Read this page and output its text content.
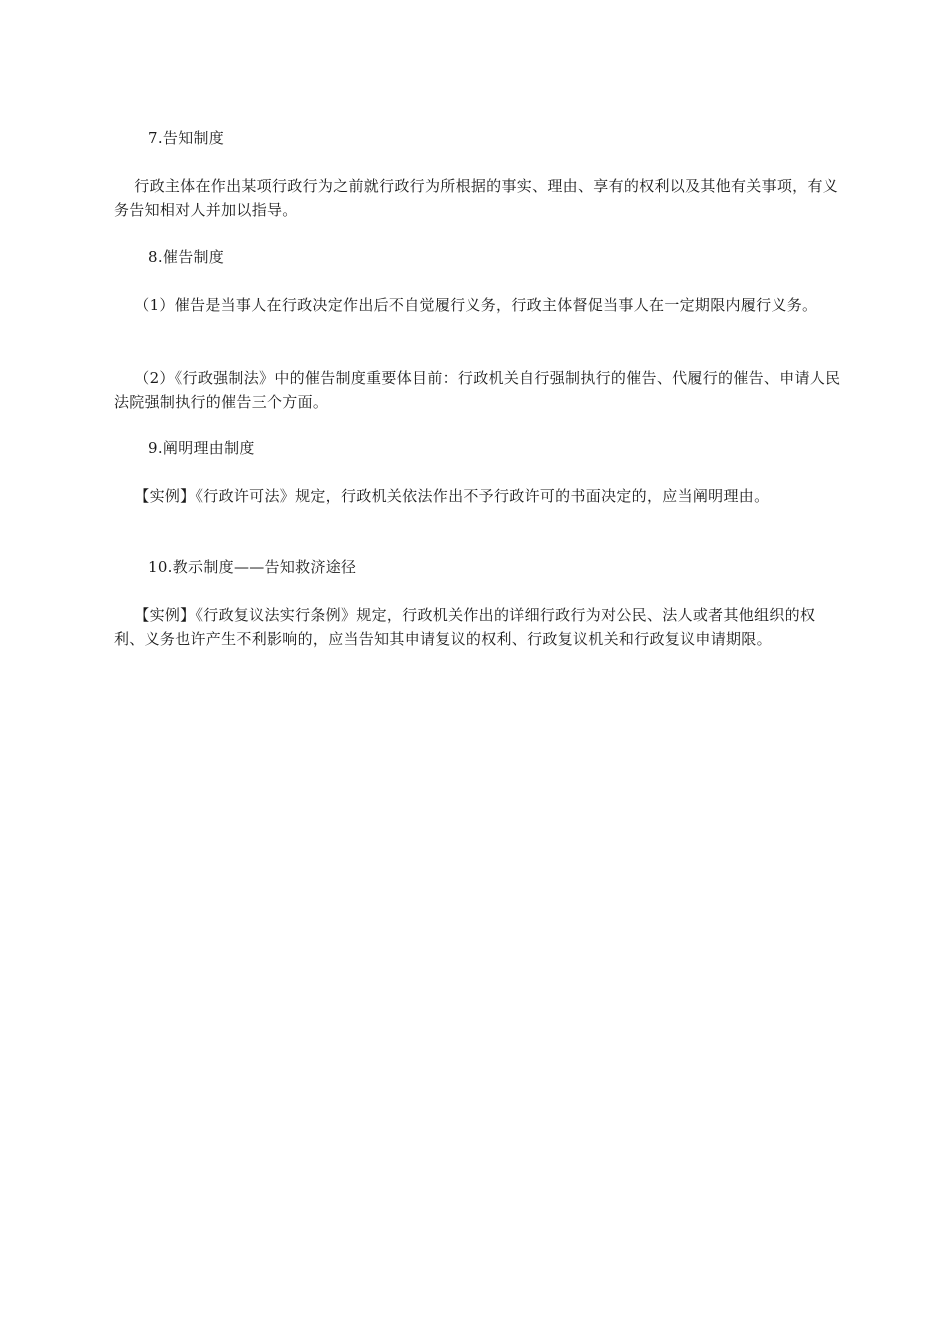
7.告知制度

行政主体在作出某项行政行为之前就行政行为所根据的事实、理由、享有的权利以及其他有关事项，有义务告知相对人并加以指导。

8.催告制度

（1）催告是当事人在行政决定作出后不自觉履行义务，行政主体督促当事人在一定期限内履行义务。

（2）《行政强制法》中的催告制度重要体目前：行政机关自行强制执行的催告、代履行的催告、申请人民法院强制执行的催告三个方面。

9.阐明理由制度

【实例】《行政许可法》规定，行政机关依法作出不予行政许可的书面决定的，应当阐明理由。

10.教示制度——告知救济途径

【实例】《行政复议法实行条例》规定，行政机关作出的详细行政行为对公民、法人或者其他组织的权利、义务也许产生不利影响的，应当告知其申请复议的权利、行政复议机关和行政复议申请期限。
